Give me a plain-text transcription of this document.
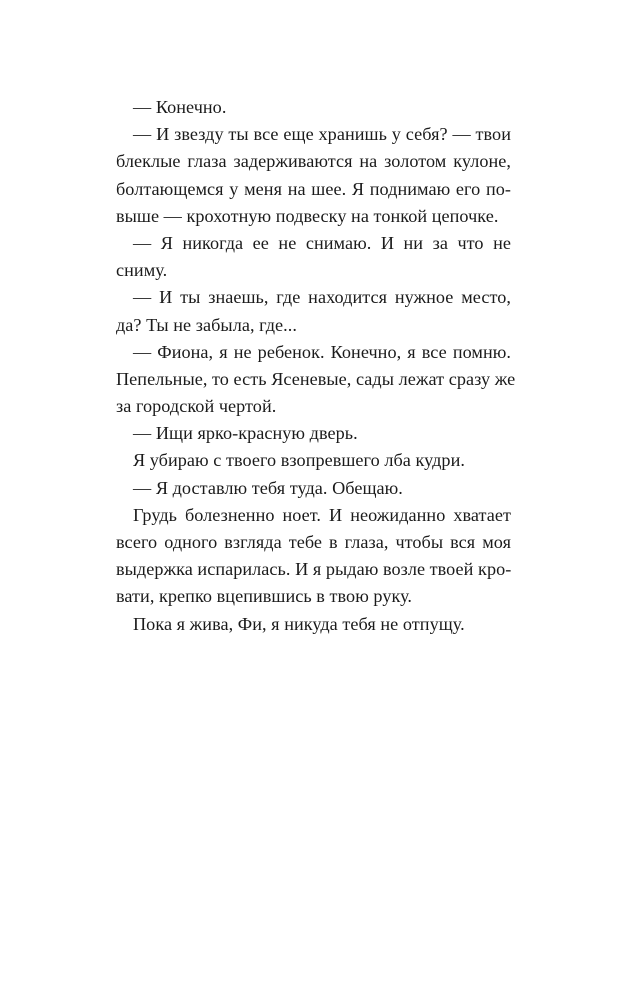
— Конечно.
— И звезду ты все еще хранишь у себя? — твои
блеклые глаза задерживаются на золотом кулоне,
болтающемся у меня на шее. Я поднимаю его по-
выше — крохотную подвеску на тонкой цепочке.
— Я никогда ее не снимаю. И ни за что не
сниму.
— И ты знаешь, где находится нужное место,
да? Ты не забыла, где...
— Фиона, я не ребенок. Конечно, я все помню.
Пепельные, то есть Ясеневые, сады лежат сразу же
за городской чертой.
— Ищи ярко-красную дверь.
Я убираю с твоего взопревшего лба кудри.
— Я доставлю тебя туда. Обещаю.
Грудь болезненно ноет. И неожиданно хватает
всего одного взгляда тебе в глаза, чтобы вся моя
выдержка испарилась. И я рыдаю возле твоей кро-
вати, крепко вцепившись в твою руку.
Пока я жива, Фи, я никуда тебя не отпущу.
